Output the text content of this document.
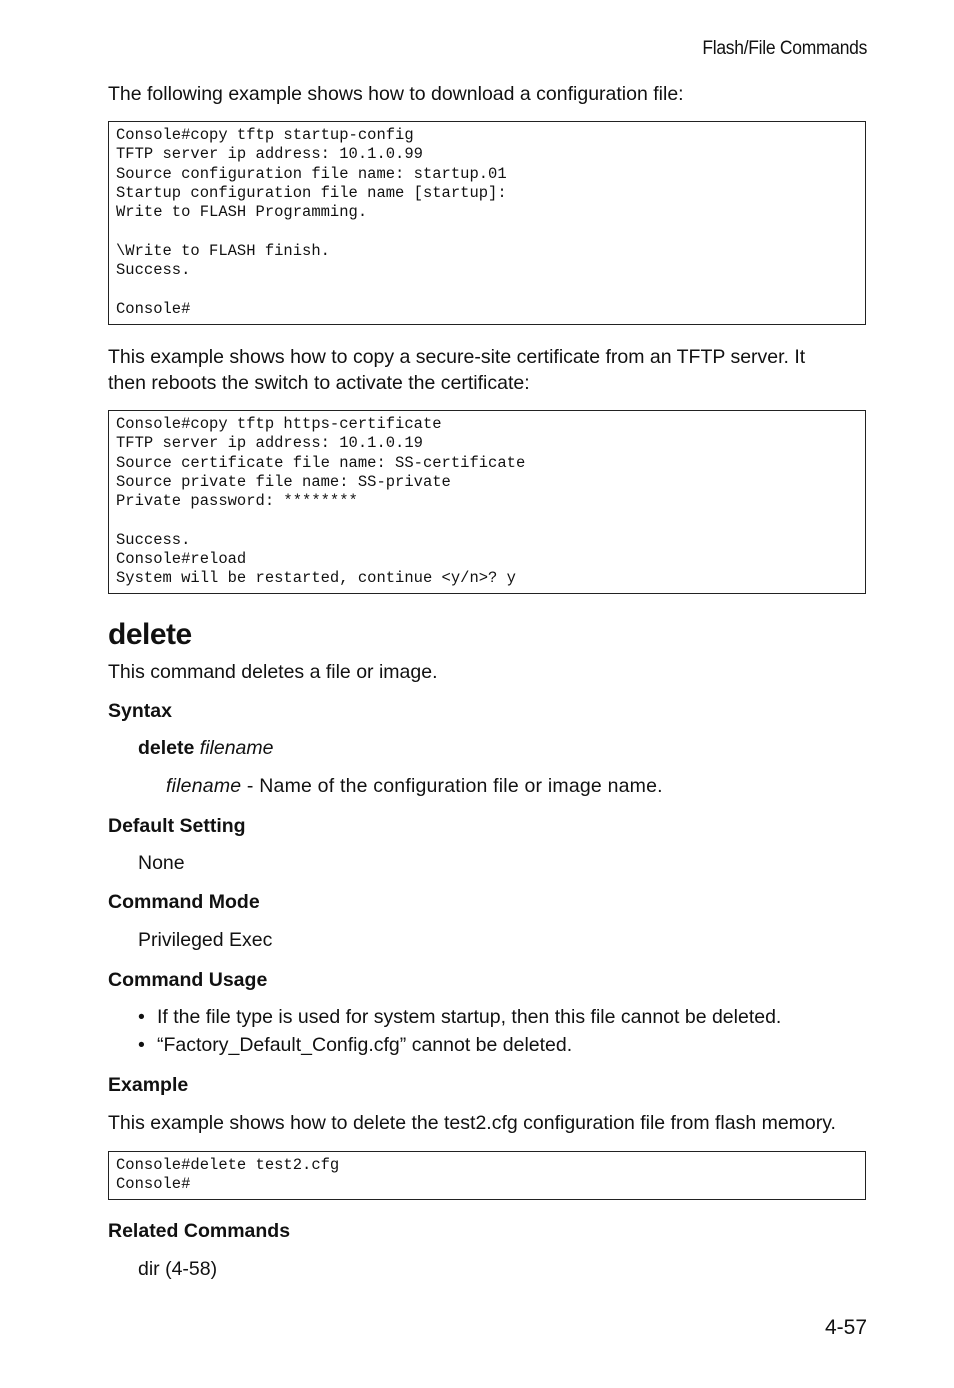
Flash/File Commands
The following example shows how to download a configuration file:
Console#copy tftp startup-config
TFTP server ip address: 10.1.0.99
Source configuration file name: startup.01
Startup configuration file name [startup]:
Write to FLASH Programming.

\Write to FLASH finish.
Success.

Console#
This example shows how to copy a secure-site certificate from an TFTP server. It
then reboots the switch to activate the certificate:
Console#copy tftp https-certificate
TFTP server ip address: 10.1.0.19
Source certificate file name: SS-certificate
Source private file name: SS-private
Private password: ********

Success.
Console#reload
System will be restarted, continue <y/n>? y
delete
This command deletes a file or image.
Syntax
delete filename
filename - Name of the configuration file or image name.
Default Setting
None
Command Mode
Privileged Exec
Command Usage
• If the file type is used for system startup, then this file cannot be deleted.
• “Factory_Default_Config.cfg” cannot be deleted.
Example
This example shows how to delete the test2.cfg configuration file from flash memory.
Console#delete test2.cfg
Console#
Related Commands
dir (4-58)
4-57
